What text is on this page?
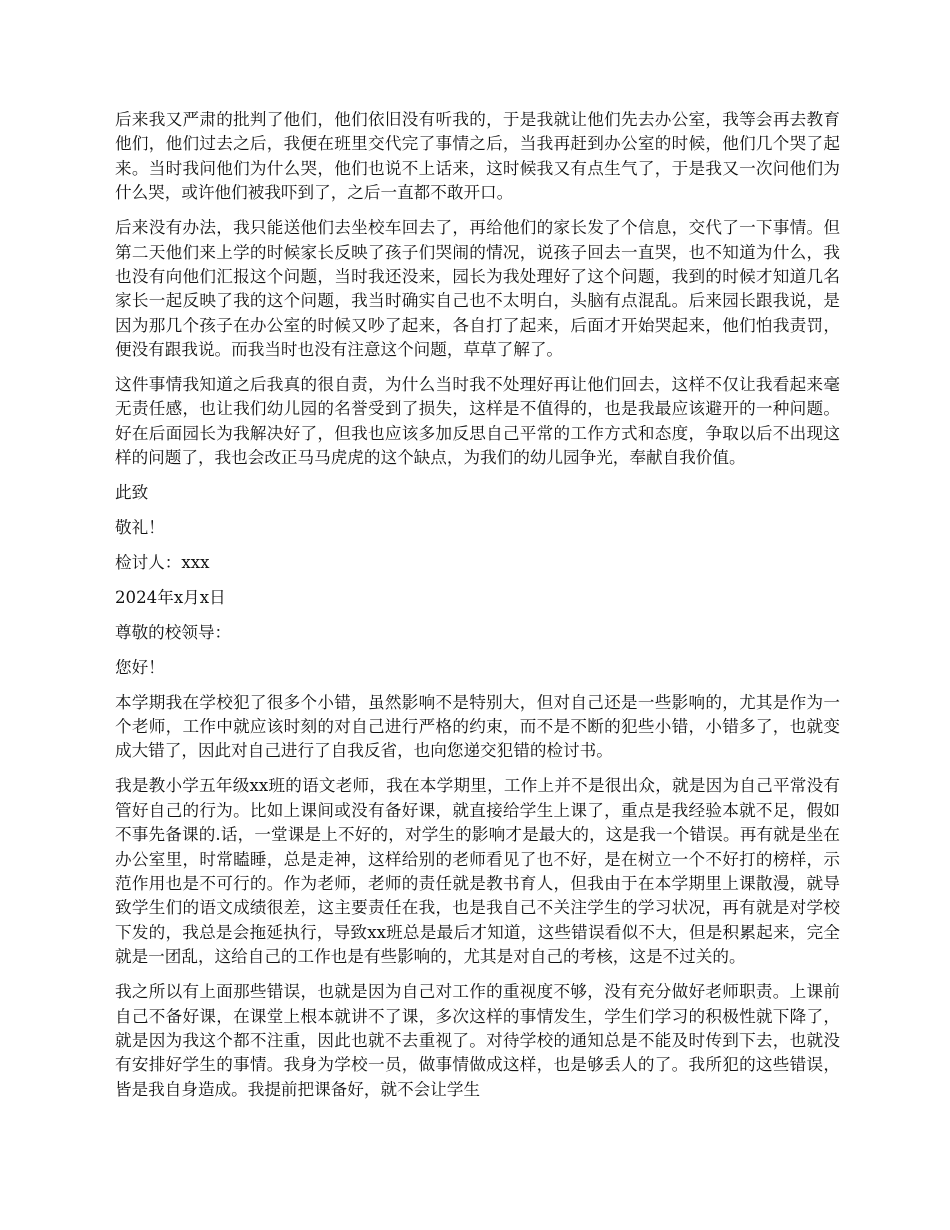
后来我又严肃的批判了他们，他们依旧没有听我的，于是我就让他们先去办公室，我等会再去教育他们，他们过去之后，我便在班里交代完了事情之后，当我再赶到办公室的时候，他们几个哭了起来。当时我问他们为什么哭，他们也说不上话来，这时候我又有点生气了，于是我又一次问他们为什么哭，或许他们被我吓到了，之后一直都不敢开口。

后来没有办法，我只能送他们去坐校车回去了，再给他们的家长发了个信息，交代了一下事情。但第二天他们来上学的时候家长反映了孩子们哭闹的情况，说孩子回去一直哭，也不知道为什么，我也没有向他们汇报这个问题，当时我还没来，园长为我处理好了这个问题，我到的时候才知道几名家长一起反映了我的这个问题，我当时确实自己也不太明白，头脑有点混乱。后来园长跟我说，是因为那几个孩子在办公室的时候又吵了起来，各自打了起来，后面才开始哭起来，他们怕我责罚，便没有跟我说。而我当时也没有注意这个问题，草草了解了。

这件事情我知道之后我真的很自责，为什么当时我不处理好再让他们回去，这样不仅让我看起来毫无责任感，也让我们幼儿园的名誉受到了损失，这样是不值得的，也是我最应该避开的一种问题。好在后面园长为我解决好了，但我也应该多加反思自己平常的工作方式和态度，争取以后不出现这样的问题了，我也会改正马马虎虎的这个缺点，为我们的幼儿园争光，奉献自我价值。

此致

敬礼！

检讨人：xxx

2024年x月x日

尊敬的校领导：

您好！

本学期我在学校犯了很多个小错，虽然影响不是特别大，但对自己还是一些影响的，尤其是作为一个老师，工作中就应该时刻的对自己进行严格的约束，而不是不断的犯些小错，小错多了，也就变成大错了，因此对自己进行了自我反省，也向您递交犯错的检讨书。

我是教小学五年级xx班的语文老师，我在本学期里，工作上并不是很出众，就是因为自己平常没有管好自己的行为。比如上课间或没有备好课，就直接给学生上课了，重点是我经验本就不足，假如不事先备课的.话，一堂课是上不好的，对学生的影响才是最大的，这是我一个错误。再有就是坐在办公室里，时常瞌睡，总是走神，这样给别的老师看见了也不好，是在树立一个不好打的榜样，示范作用也是不可行的。作为老师，老师的责任就是教书育人，但我由于在本学期里上课散漫，就导致学生们的语文成绩很差，这主要责任在我，也是我自己不关注学生的学习状况，再有就是对学校下发的，我总是会拖延执行，导致xx班总是最后才知道，这些错误看似不大，但是积累起来，完全就是一团乱，这给自己的工作也是有些影响的，尤其是对自己的考核，这是不过关的。

我之所以有上面那些错误，也就是因为自己对工作的重视度不够，没有充分做好老师职责。上课前自己不备好课，在课堂上根本就讲不了课，多次这样的事情发生，学生们学习的积极性就下降了，就是因为我这个都不注重，因此也就不去重视了。对待学校的通知总是不能及时传到下去，也就没有安排好学生的事情。我身为学校一员，做事情做成这样，也是够丢人的了。我所犯的这些错误，皆是我自身造成。我提前把课备好，就不会让学生
